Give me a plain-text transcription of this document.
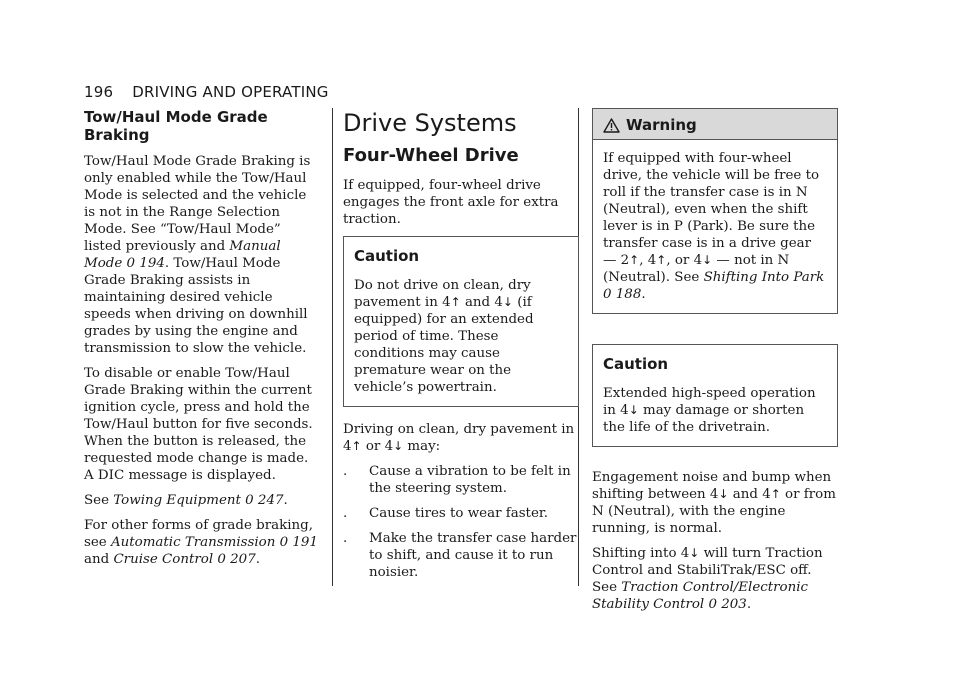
196 DRIVING AND OPERATING
Tow/Haul Mode Grade Braking

Tow/Haul Mode Grade Braking is only enabled while the Tow/Haul Mode is selected and the vehicle is not in the Range Selection Mode. See “Tow/Haul Mode” listed previously and Manual Mode 0 194. Tow/Haul Mode Grade Braking assists in maintaining desired vehicle speeds when driving on downhill grades by using the engine and transmission to slow the vehicle.

To disable or enable Tow/Haul Grade Braking within the current ignition cycle, press and hold the Tow/Haul button for five seconds. When the button is released, the requested mode change is made. A DIC message is displayed.

See Towing Equipment 0 247.

For other forms of grade braking, see Automatic Transmission 0 191 and Cruise Control 0 207.

Drive Systems
Four-Wheel Drive

If equipped, four-wheel drive engages the front axle for extra traction.

Caution

Do not drive on clean, dry pavement in 4↑ and 4↓ (if equipped) for an extended period of time. These conditions may cause premature wear on the vehicle’s powertrain.

Driving on clean, dry pavement in 4↑ or 4↓ may:

. Cause a vibration to be felt in the steering system.
. Cause tires to wear faster.
. Make the transfer case harder to shift, and cause it to run noisier.
Warning

If equipped with four-wheel drive, the vehicle will be free to roll if the transfer case is in N (Neutral), even when the shift lever is in P (Park). Be sure the transfer case is in a drive gear — 2↑, 4↑, or 4↓ — not in N (Neutral). See Shifting Into Park 0 188.

Caution

Extended high-speed operation in 4↓ may damage or shorten the life of the drivetrain.

Engagement noise and bump when shifting between 4↓ and 4↑ or from N (Neutral), with the engine running, is normal.

Shifting into 4↓ will turn Traction Control and StabiliTrak/ESC off. See Traction Control/Electronic Stability Control 0 203.
